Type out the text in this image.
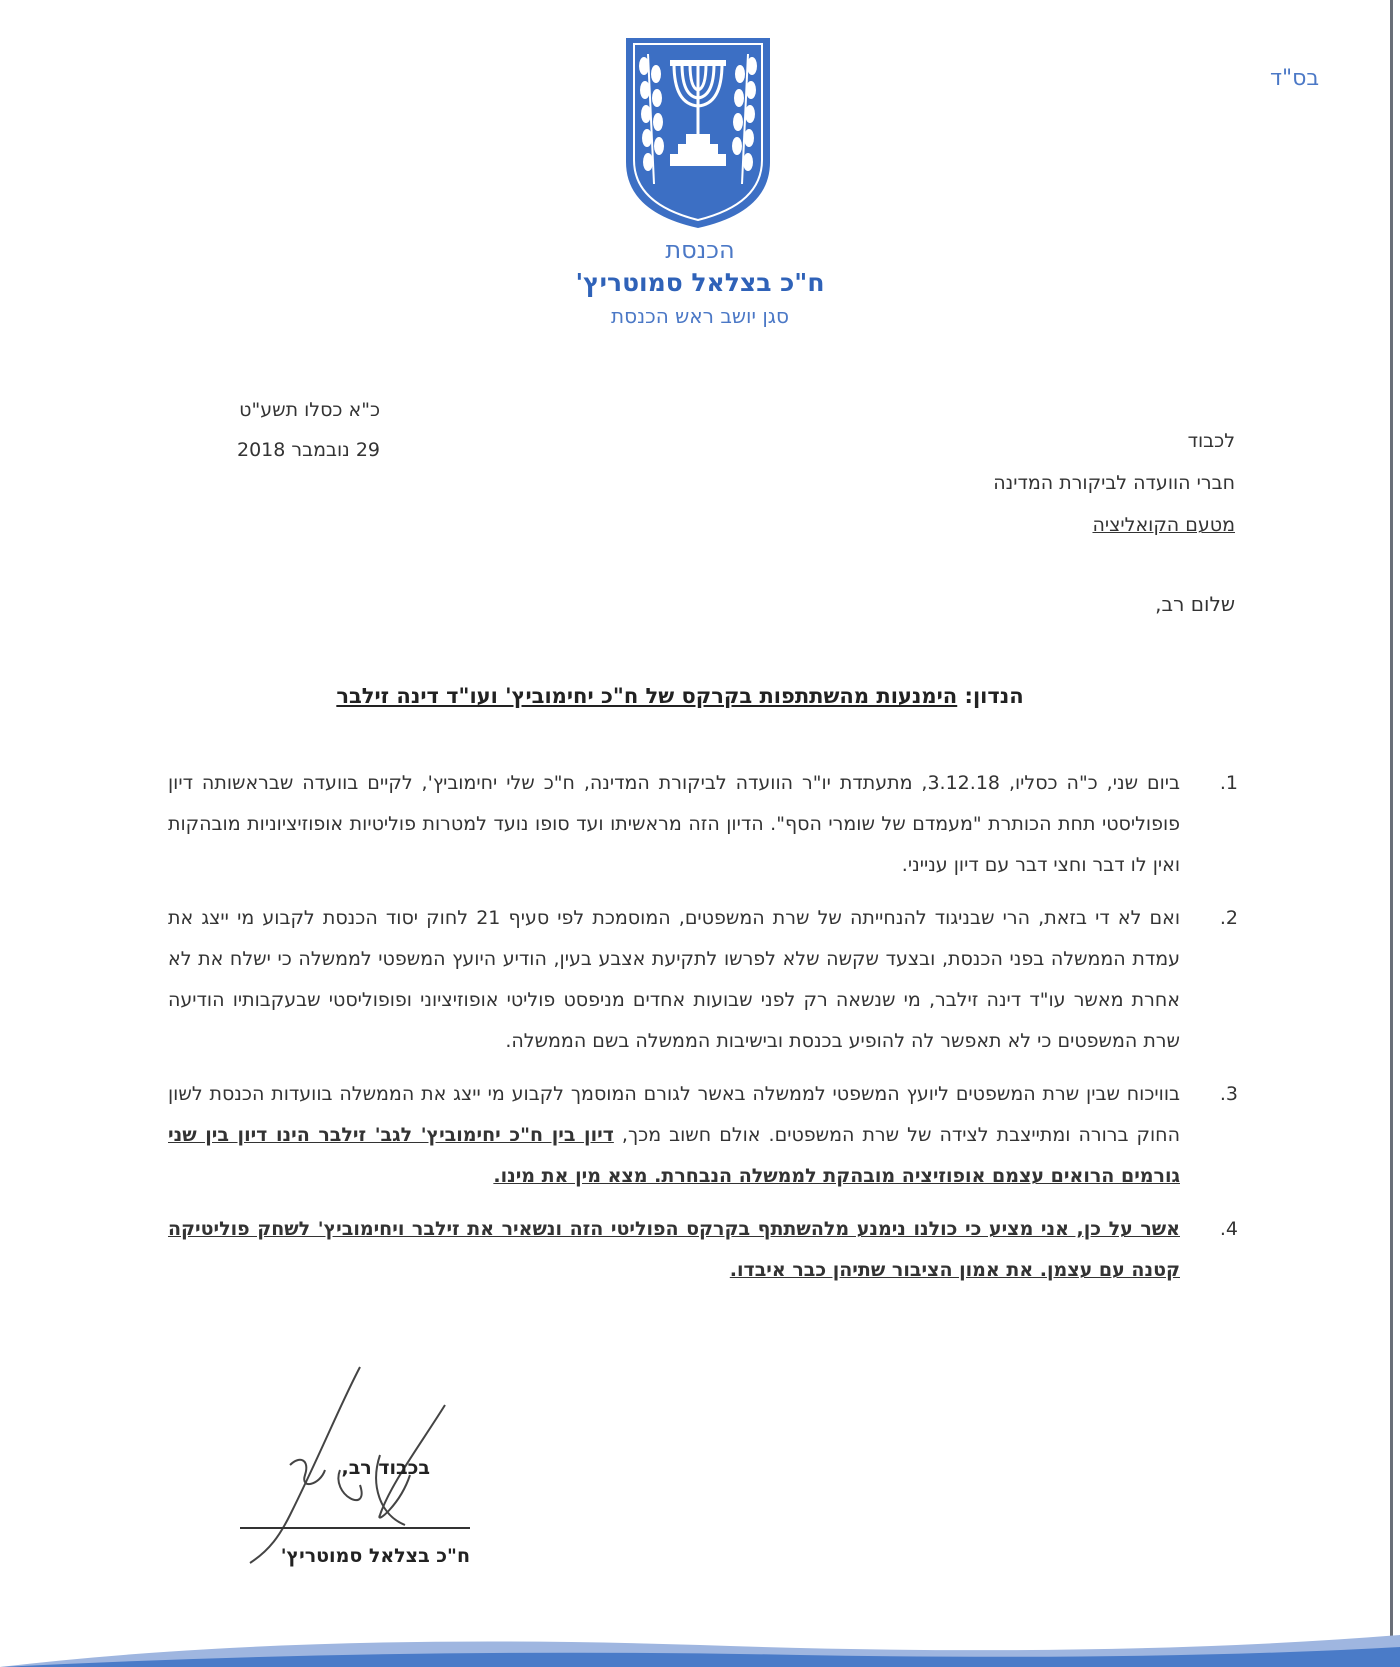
בס"ד
הכנסת
ח"כ בצלאל סמוטריץ'
סגן יושב ראש הכנסת
כ"א כסלו תשע"ט
29 נובמבר 2018	לכבוד
חברי הוועדה לביקורת המדינה
מטעם הקואליציה
שלום רב,
הנדון: הימנעות מהשתתפות בקרקס של ח"כ יחימוביץ' ועו"ד דינה זילבר
1.
ביום שני, כ"ה כסליו, 3.12.18, מתעתדת יו"ר הוועדה לביקורת המדינה, ח"כ שלי יחימוביץ', לקיים בוועדה שבראשותה דיון פופוליסטי תחת הכותרת "מעמדם של שומרי הסף". הדיון הזה מראשיתו ועד סופו נועד למטרות פוליטיות אופוזיציוניות מובהקות ואין לו דבר וחצי דבר עם דיון ענייני.
2.
ואם לא די בזאת, הרי שבניגוד להנחייתה של שרת המשפטים, המוסמכת לפי סעיף 21 לחוק יסוד הכנסת לקבוע מי ייצג את עמדת הממשלה בפני הכנסת, ובצעד שקשה שלא לפרשו לתקיעת אצבע בעין, הודיע היועץ המשפטי לממשלה כי ישלח את לא אחרת מאשר עו"ד דינה זילבר, מי שנשאה רק לפני שבועות אחדים מניפסט פוליטי אופוזיציוני ופופוליסטי שבעקבותיו הודיעה שרת המשפטים כי לא תאפשר לה להופיע בכנסת ובישיבות הממשלה בשם הממשלה.
3.
בוויכוח שבין שרת המשפטים ליועץ המשפטי לממשלה באשר לגורם המוסמך לקבוע מי ייצג את הממשלה בוועדות הכנסת לשון החוק ברורה ומתייצבת לצידה של שרת המשפטים. אולם חשוב מכך, דיון בין ח"כ יחימוביץ' לגב' זילבר הינו דיון בין שני גורמים הרואים עצמם אופוזיציה מובהקת לממשלה הנבחרת. מצא מין את מינו.
4.
אשר על כן, אני מציע כי כולנו נימנע מלהשתתף בקרקס הפוליטי הזה ונשאיר את זילבר ויחימוביץ' לשחק פוליטיקה קטנה עם עצמן. את אמון הציבור שתיהן כבר איבדו.
בכבוד רב,
ח"כ בצלאל סמוטריץ'
